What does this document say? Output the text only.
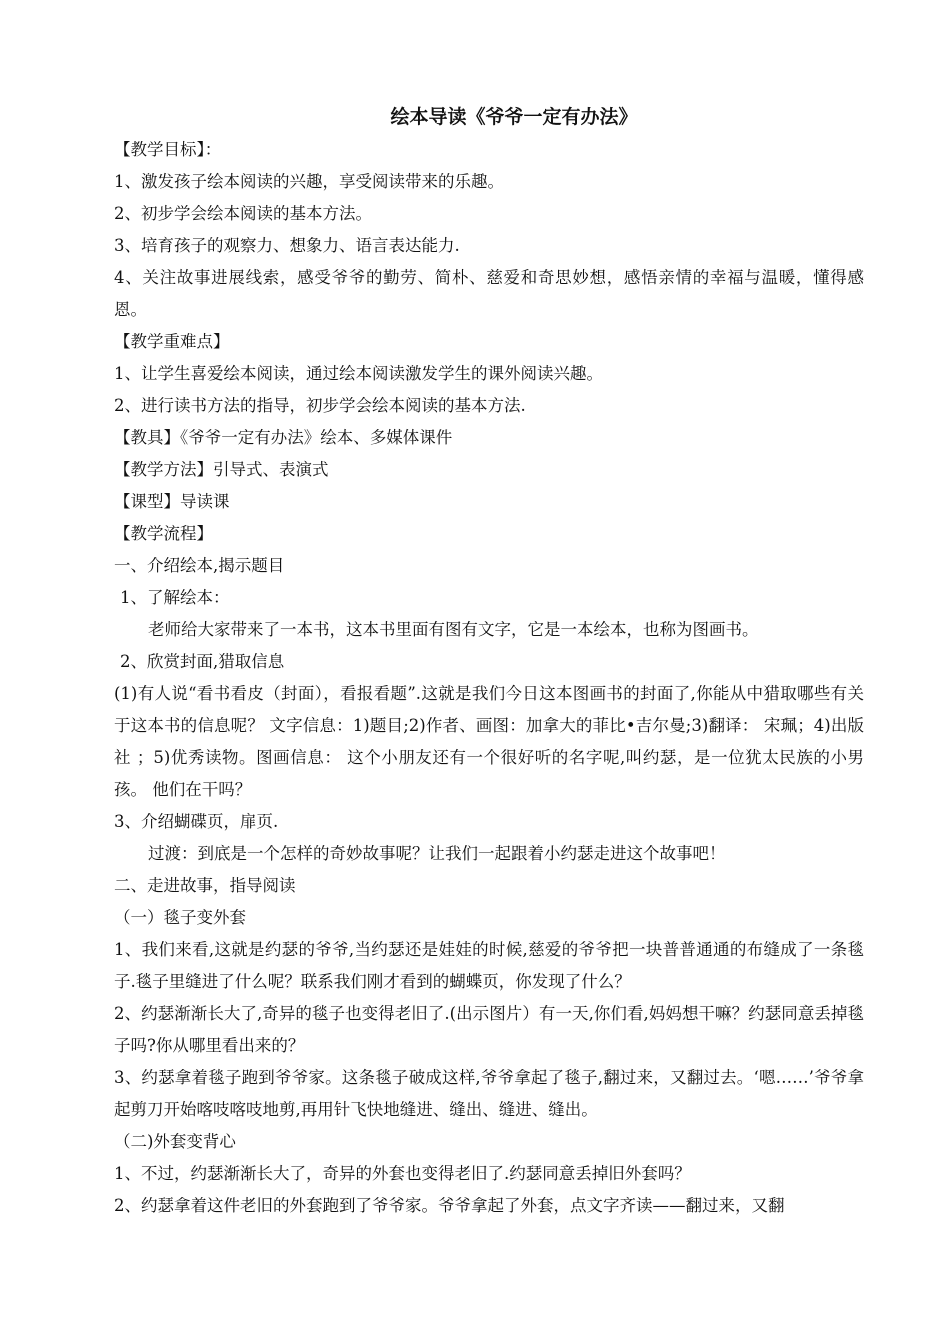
绘本导读《爷爷一定有办法》

【教学目标】：

1、激发孩子绘本阅读的兴趣，享受阅读带来的乐趣。

2、初步学会绘本阅读的基本方法。

3、培育孩子的观察力、想象力、语言表达能力.

4、关注故事进展线索，感受爷爷的勤劳、简朴、慈爱和奇思妙想，感悟亲情的幸福与温暖，懂得感恩。

【教学重难点】

1、让学生喜爱绘本阅读，通过绘本阅读激发学生的课外阅读兴趣。

2、进行读书方法的指导，初步学会绘本阅读的基本方法.

【教具】《爷爷一定有办法》绘本、多媒体课件

【教学方法】引导式、表演式

【课型】导读课

【教学流程】

一、介绍绘本,揭示题目

1、了解绘本：

老师给大家带来了一本书，这本书里面有图有文字，它是一本绘本，也称为图画书。

2、欣赏封面,猎取信息

(1)有人说“看书看皮（封面），看报看题”.这就是我们今日这本图画书的封面了,你能从中猎取哪些有关于这本书的信息呢？ 文字信息：1)题目;2)作者、画图：加拿大的菲比•吉尔曼;3)翻译： 宋珮；4)出版社 ；5)优秀读物。图画信息： 这个小朋友还有一个很好听的名字呢,叫约瑟，是一位犹太民族的小男孩。 他们在干吗？

3、介绍蝴碟页，扉页.

过渡：到底是一个怎样的奇妙故事呢？让我们一起跟着小约瑟走进这个故事吧！

二、走进故事，指导阅读

（一）毯子变外套

1、我们来看,这就是约瑟的爷爷,当约瑟还是娃娃的时候,慈爱的爷爷把一块普普通通的布缝成了一条毯子.毯子里缝进了什么呢？联系我们刚才看到的蝴蝶页，你发现了什么？

2、约瑟渐渐长大了,奇异的毯子也变得老旧了.(出示图片）有一天,你们看,妈妈想干嘛？约瑟同意丢掉毯子吗?你从哪里看出来的？

3、约瑟拿着毯子跑到爷爷家。这条毯子破成这样,爷爷拿起了毯子,翻过来，又翻过去。‘嗯……’爷爷拿起剪刀开始喀吱喀吱地剪,再用针飞快地缝进、缝出、缝进、缝出。

（二)外套变背心

1、不过，约瑟渐渐长大了，奇异的外套也变得老旧了.约瑟同意丢掉旧外套吗？

2、约瑟拿着这件老旧的外套跑到了爷爷家。爷爷拿起了外套，点文字齐读——翻过来，又翻
